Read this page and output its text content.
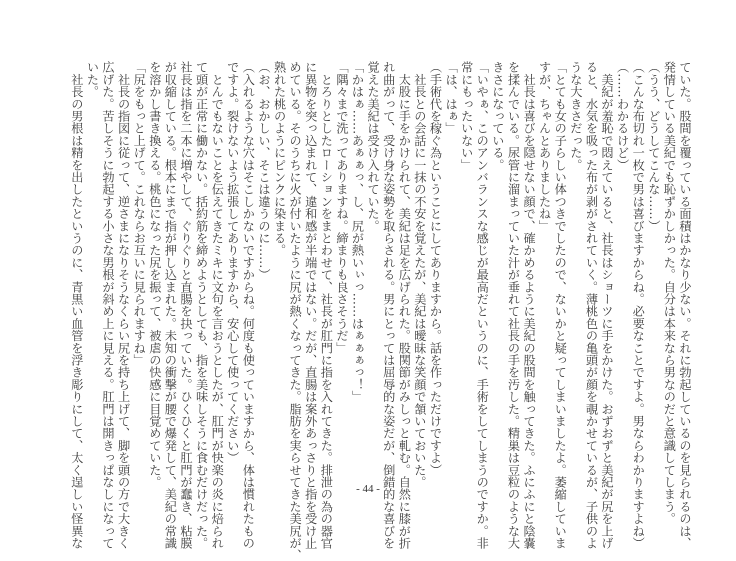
ていた。股間を覆っている面積はかなり少ない。それに勃起しているのを見られるのは、
発情している美紀でも恥ずかしかった。自分は本来なら男なのだと意識してしまう。
（うう、どうしてこんな……）
（こんな布切れ一枚で男は喜びますからね。必要なことですよ。男ならわかりますよね）
（……わかるけど）
　美紀が羞恥で悶えていると、社長はショーツに手をかけた。おずおずと美紀が尻を上げ
ると、水気を吸った布が剥がされていく。薄桃色の亀頭が顔を覗かせているが、子供のよ
うな大きさだった。
「とても女の子らしい体つきでしたので、ないかと疑ってしまいましたよ。萎縮していま
すが、ちゃんとありましたね」
　社長は喜びを隠せない顔で、確かめるように美紀の股間を触ってきた。ふにふにと陰嚢
を揉んでいる。尿管に溜まっていた汁が垂れて社長の手を汚した。精巣は豆粒のような大
きさになっている。
「いやぁ、このアンバランスな感じが最高だというのに、手術をしてしまうのですか。非
常にもったいない」
「は、はぁ」
（手術代を稼ぐ為ということにしてありますから。話を作っただけですよ）
　社長との会話に一抹の不安を覚えたが、美紀は曖昧な笑顔で頷いておいた。
　太股に手をかけられて、美紀は足を広げられた。股関節がみしっと軋む。自然に膝が折
れ曲がって、受け身な姿勢を取らされる。男にとっては屈辱的な姿だが、倒錯的な喜びを
覚えた美紀は受け入れていた。
「かはぁ……あぁぁっ、し、尻が熱いぃっ……はぁぁぁっ！」
「隅々まで洗ってありますね。締まりも良さそうだ」
　とろりとしたローションをまとわせて、社長が肛門に指を入れてきた。排泄の為の器官
に異物を突っ込まれて、違和感が半端ではない。だが、直腸は案外あっさりと指を受け止
めている。そのうちに火が付いたように尻が熱くなってきた。脂肪を実らせてきた美尻が、
熟れた桃のようにピンクに染まる。
（お、おかしい、そこは違うのに……）
（入れるような穴はそこしかないですからね。何度も使っていますから、体は慣れたもの
ですよ。裂けないよう拡張してありますから、安心して使ってください）
　とんでもないことを伝えてきたミキに文句を言おうとしたが、肛門が快楽の炎に焙られ
て頭が正常に働かない。括約筋を締めようとしても、指を美味しそうに食むだけだった。
社長は指を二本に増やして、ぐりぐりと直腸を抉っていた。ひくひくと肛門が蠢き、粘膜
が収縮している。根本にまで指が押し込まれた。未知の衝撃が腰で爆発して、美紀の常識
を溶かし書き換える。桃色になった尻を振って、被虐の快感に目覚めていた。
「尻をもっと上げて。これならお互いに見られますね」
　社長の指図に従って、逆さまになりそうなくらい尻を持ち上げて、脚を頭の方で大きく
広げた。苦しそうに勃起する小さな男根が斜め上に見える。肛門は開きっぱなしになって
いた。
　社長の男根は精を出したというのに、青黒い血管を浮き彫りにして、太く逞しい怪異な	- 44 -
